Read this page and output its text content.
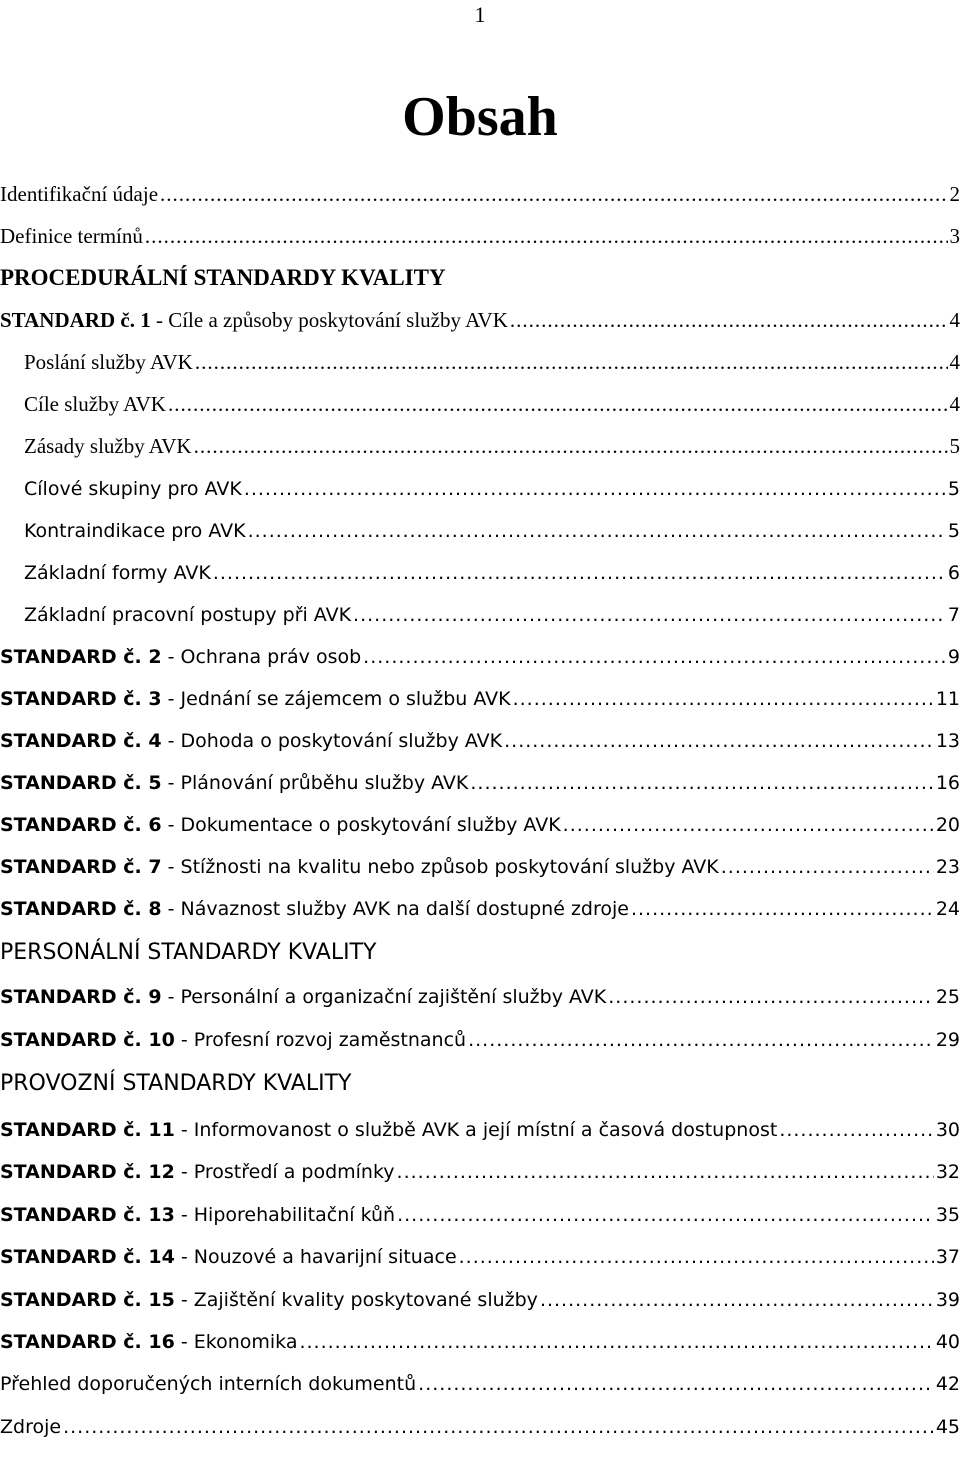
1
Obsah
Identifikační údaje .....	2
Definice termínů .....	3
PROCEDURÁLNÍ STANDARDY KVALITY
STANDARD č. 1 - Cíle a způsoby poskytování služby AVK .....	4
Poslání služby AVK .....	4
Cíle služby AVK .....	4
Zásady služby AVK .....	5
Cílové skupiny pro AVK .....	5
Kontraindikace pro AVK .....	5
Základní formy AVK .....	6
Základní pracovní postupy při AVK .....	7
STANDARD č. 2 - Ochrana práv osob .....	9
STANDARD č. 3 - Jednání se zájemcem o službu AVK .....	11
STANDARD č. 4 - Dohoda o poskytování služby AVK .....	13
STANDARD č. 5 - Plánování průběhu služby AVK .....	16
STANDARD č. 6 - Dokumentace o poskytování služby AVK .....	20
STANDARD č. 7 - Stížnosti na kvalitu nebo způsob poskytování služby AVK .....	23
STANDARD č. 8 - Návaznost služby AVK na další dostupné zdroje .....	24
PERSONÁLNÍ STANDARDY KVALITY
STANDARD č. 9 - Personální a organizační zajištění služby AVK .....	25
STANDARD č. 10 - Profesní rozvoj zaměstnanců .....	29
PROVOZNÍ STANDARDY KVALITY
STANDARD č. 11 - Informovanost o službě AVK a její místní a časová dostupnost .....	30
STANDARD č. 12 - Prostředí a podmínky .....	32
STANDARD č. 13 - Hiporehabilitační kůň .....	35
STANDARD č. 14 - Nouzové a havarijní situace .....	37
STANDARD č. 15 - Zajištění kvality poskytované služby .....	39
STANDARD č. 16 - Ekonomika .....	40
Přehled doporučených interních dokumentů .....	42
Zdroje .....	45
